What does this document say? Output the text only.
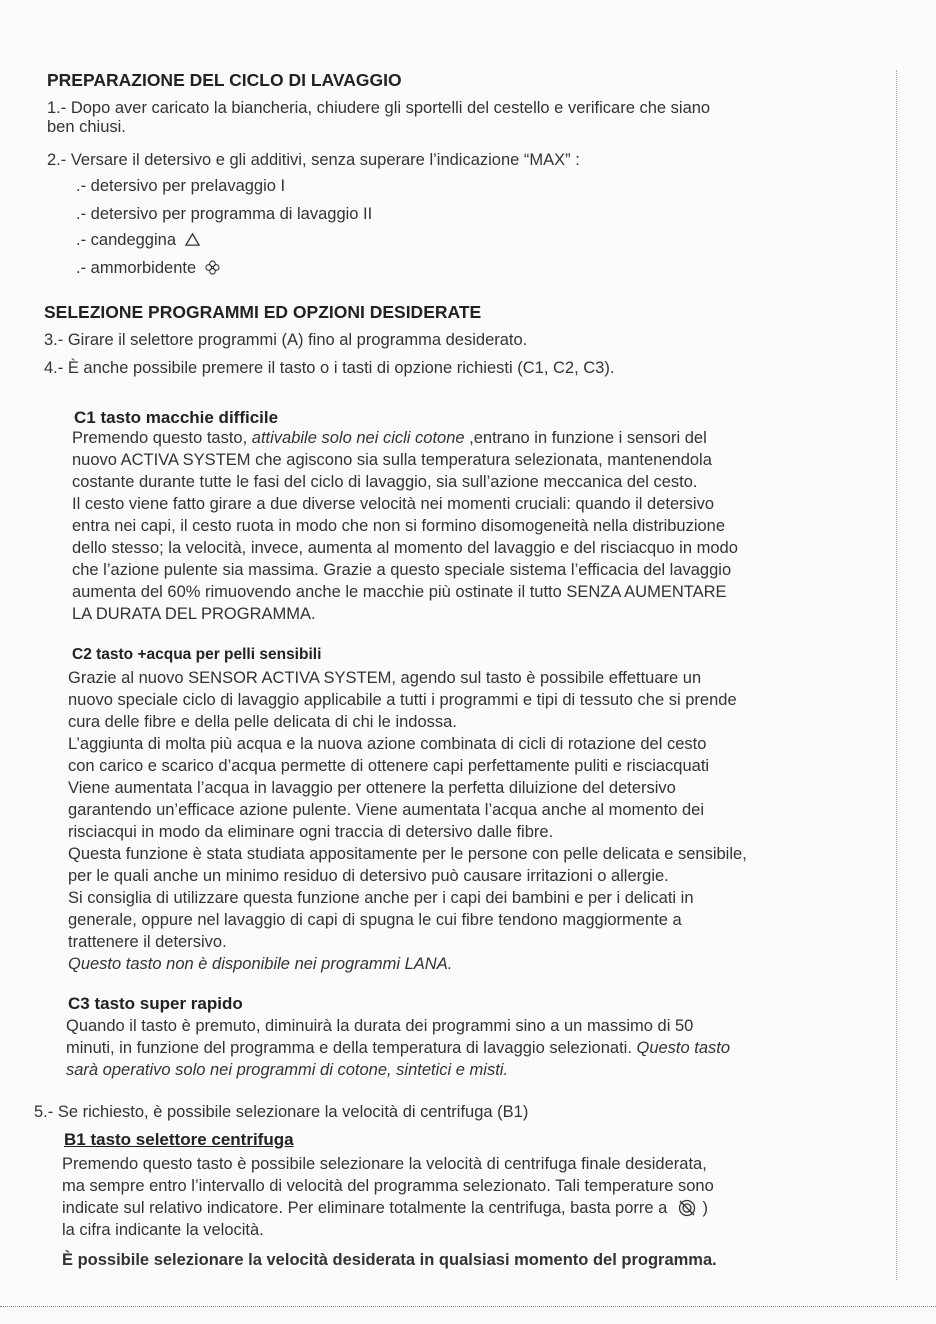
PREPARAZIONE DEL CICLO DI LAVAGGIO
1.- Dopo aver caricato la biancheria, chiudere gli sportelli del cestello e verificare che siano
ben chiusi.
2.- Versare il detersivo e gli additivi, senza superare l’indicazione “MAX” :
.- detersivo per prelavaggio I
.- detersivo per programma di lavaggio II
.- candeggina
.- ammorbidente
SELEZIONE PROGRAMMI ED OPZIONI DESIDERATE
3.- Girare il selettore programmi (A) fino al programma desiderato.
4.- È anche possibile premere il tasto o i tasti di opzione richiesti (C1, C2, C3).
C1 tasto macchie difficile
Premendo questo tasto, attivabile solo nei cicli cotone ,entrano in funzione i sensori del
nuovo ACTIVA SYSTEM che agiscono sia sulla temperatura selezionata, mantenendola
costante durante tutte le fasi del ciclo di lavaggio, sia sull’azione meccanica del cesto.
Il cesto viene fatto girare a due diverse velocità nei momenti cruciali: quando il detersivo
entra nei capi, il cesto ruota in modo che non si formino disomogeneità nella distribuzione
dello stesso; la velocità, invece, aumenta al momento del lavaggio e del risciacquo in modo
che l’azione pulente sia massima. Grazie a questo speciale sistema l’efficacia del lavaggio
aumenta del 60% rimuovendo anche le macchie più ostinate il tutto SENZA AUMENTARE
LA DURATA DEL PROGRAMMA.
C2 tasto +acqua per pelli sensibili
Grazie al nuovo SENSOR ACTIVA SYSTEM, agendo sul tasto è possibile effettuare un
nuovo speciale ciclo di lavaggio applicabile a tutti i programmi e tipi di tessuto che si prende
cura delle fibre e della pelle delicata di chi le indossa.
L’aggiunta di molta più acqua e la nuova azione combinata di cicli di rotazione del cesto
con carico e scarico d’acqua permette di ottenere capi perfettamente puliti e risciacquati
Viene aumentata l’acqua in lavaggio per ottenere la perfetta diluizione del detersivo
garantendo un’efficace azione pulente. Viene aumentata l’acqua anche al momento dei
risciacqui in modo da eliminare ogni traccia di detersivo dalle fibre.
Questa funzione è stata studiata appositamente per le persone con pelle delicata e sensibile,
per le quali anche un minimo residuo di detersivo può causare irritazioni o allergie.
Si consiglia di utilizzare questa funzione anche per i capi dei bambini e per i delicati in
generale, oppure nel lavaggio di capi di spugna le cui fibre tendono maggiormente a
trattenere il detersivo.
Questo tasto non è disponibile nei programmi LANA.
C3 tasto super rapido
Quando il tasto è premuto, diminuirà la durata dei programmi sino a un massimo di 50
minuti, in funzione del programma e della temperatura di lavaggio selezionati. Questo tasto
sarà operativo solo nei programmi di cotone, sintetici e misti.
5.- Se richiesto, è possibile selezionare la velocità di centrifuga (B1)
B1 tasto selettore centrifuga
Premendo questo tasto è possibile selezionare la velocità di centrifuga finale desiderata,
ma sempre entro l’intervallo di velocità del programma selezionato. Tali temperature sono
indicate sul relativo indicatore. Per eliminare totalmente la centrifuga, basta porre a  )
la cifra indicante la velocità.
È possibile selezionare la velocità desiderata in qualsiasi momento del programma.
